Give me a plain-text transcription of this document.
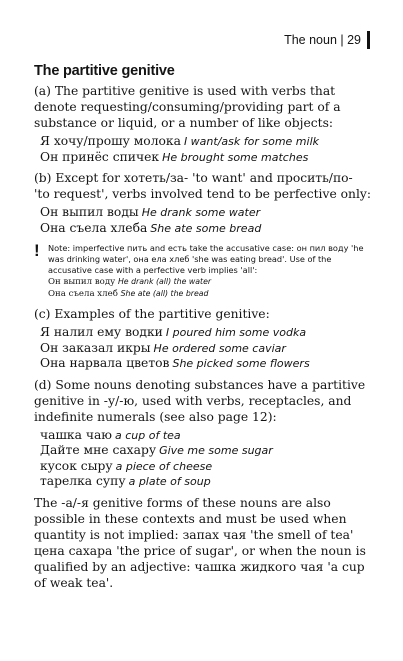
The noun | 29
The partitive genitive

(a) The partitive genitive is used with verbs that denote requesting/consuming/providing part of a substance or liquid, or a number of like objects:

Я хочу/прошу молока I want/ask for some milk
Он принёс спичек He brought some matches

(b) Except for хотеть/за- 'to want' and просить/по- 'to request', verbs involved tend to be perfective only:

Он выпил воды He drank some water
Она съела хлеба She ate some bread
! Note: imperfective пить and есть take the accusative case: он пил воду 'he was drinking water', она ела хлеб 'she was eating bread'. Use of the accusative case with a perfective verb implies 'all':
Он выпил воду He drank (all) the water
Она съела хлеб She ate (all) the bread

(c) Examples of the partitive genitive:

Я налил ему водки I poured him some vodka
Он заказал икры He ordered some caviar
Она нарвала цветов She picked some flowers

(d) Some nouns denoting substances have a partitive genitive in -у/-ю, used with verbs, receptacles, and indefinite numerals (see also page 12):

чашка чаю a cup of tea
Дайте мне сахару Give me some sugar
кусок сыру a piece of cheese
тарелка супу a plate of soup

The -а/-я genitive forms of these nouns are also possible in these contexts and must be used when quantity is not implied: запах чая 'the smell of tea' цена сахара 'the price of sugar', or when the noun is qualified by an adjective: чашка жидкого чая 'a cup of weak tea'.
